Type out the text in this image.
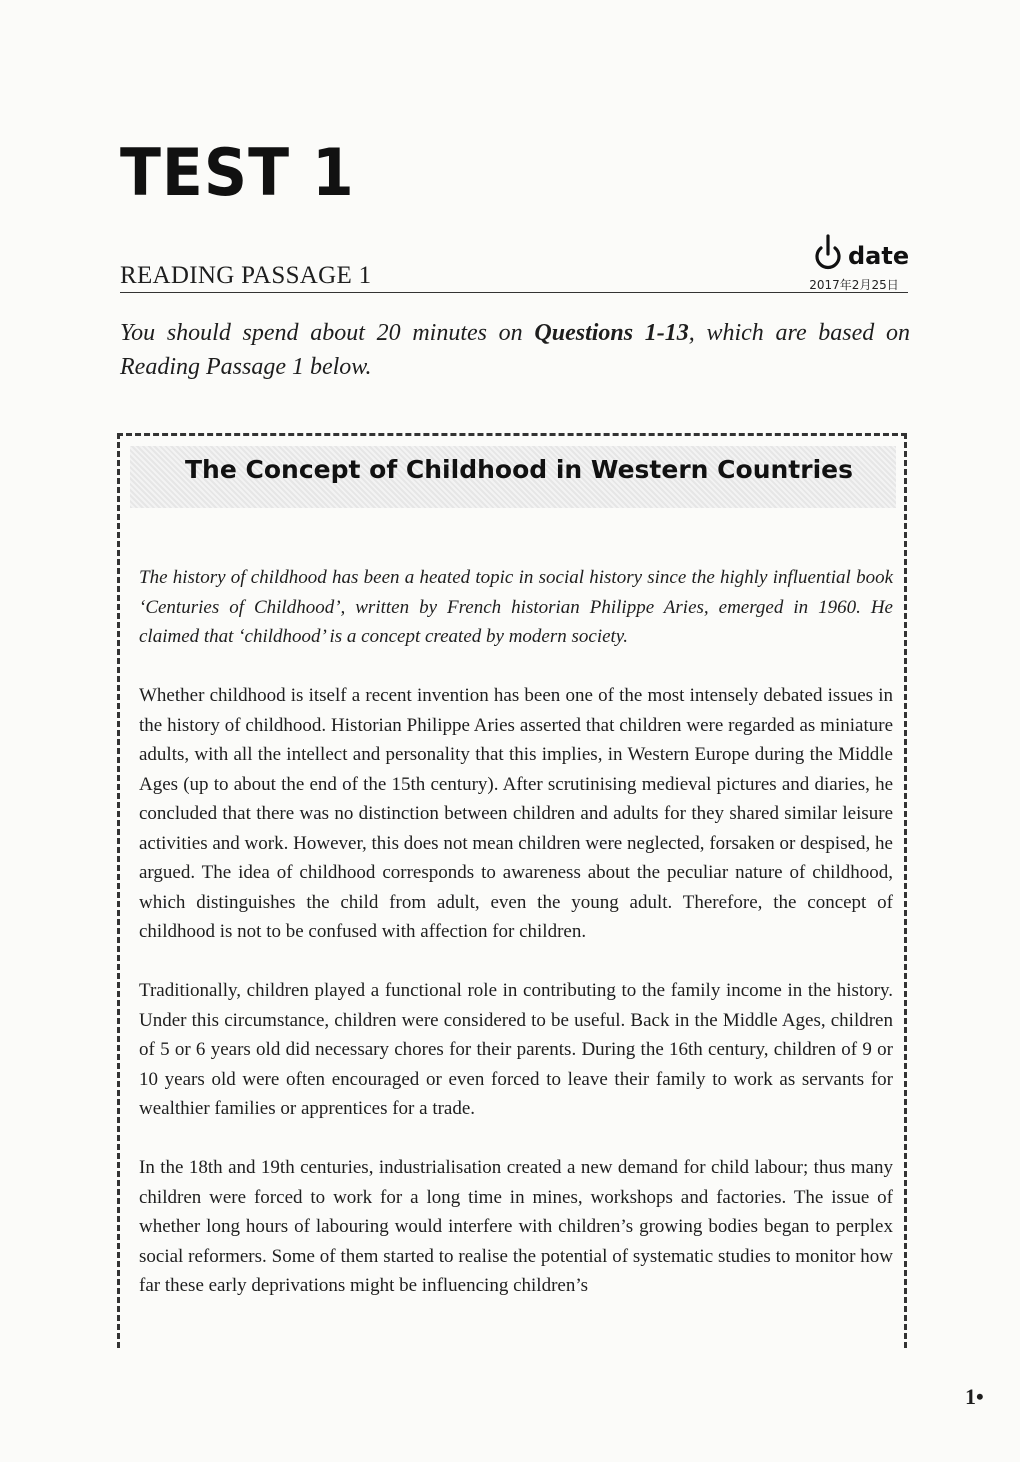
TEST 1
READING PASSAGE 1
date
2017年2月25日
You should spend about 20 minutes on Questions 1-13, which are based on Reading Passage 1 below.
The Concept of Childhood in Western Countries

The history of childhood has been a heated topic in social history since the highly influential book ‘Centuries of Childhood’, written by French historian Philippe Aries, emerged in 1960. He claimed that ‘childhood’ is a concept created by modern society.

Whether childhood is itself a recent invention has been one of the most intensely debated issues in the history of childhood. Historian Philippe Aries asserted that children were regarded as miniature adults, with all the intellect and personality that this implies, in Western Europe during the Middle Ages (up to about the end of the 15th century). After scrutinising medieval pictures and diaries, he concluded that there was no distinction between children and adults for they shared similar leisure activities and work. However, this does not mean children were neglected, forsaken or despised, he argued. The idea of childhood corresponds to awareness about the peculiar nature of childhood, which distinguishes the child from adult, even the young adult. Therefore, the concept of childhood is not to be confused with affection for children.

Traditionally, children played a functional role in contributing to the family income in the history. Under this circumstance, children were considered to be useful. Back in the Middle Ages, children of 5 or 6 years old did necessary chores for their parents. During the 16th century, children of 9 or 10 years old were often encouraged or even forced to leave their family to work as servants for wealthier families or apprentices for a trade.

In the 18th and 19th centuries, industrialisation created a new demand for child labour; thus many children were forced to work for a long time in mines, workshops and factories. The issue of whether long hours of labouring would interfere with children’s growing bodies began to perplex social reformers. Some of them started to realise the potential of systematic studies to monitor how far these early deprivations might be influencing children’s

1•
